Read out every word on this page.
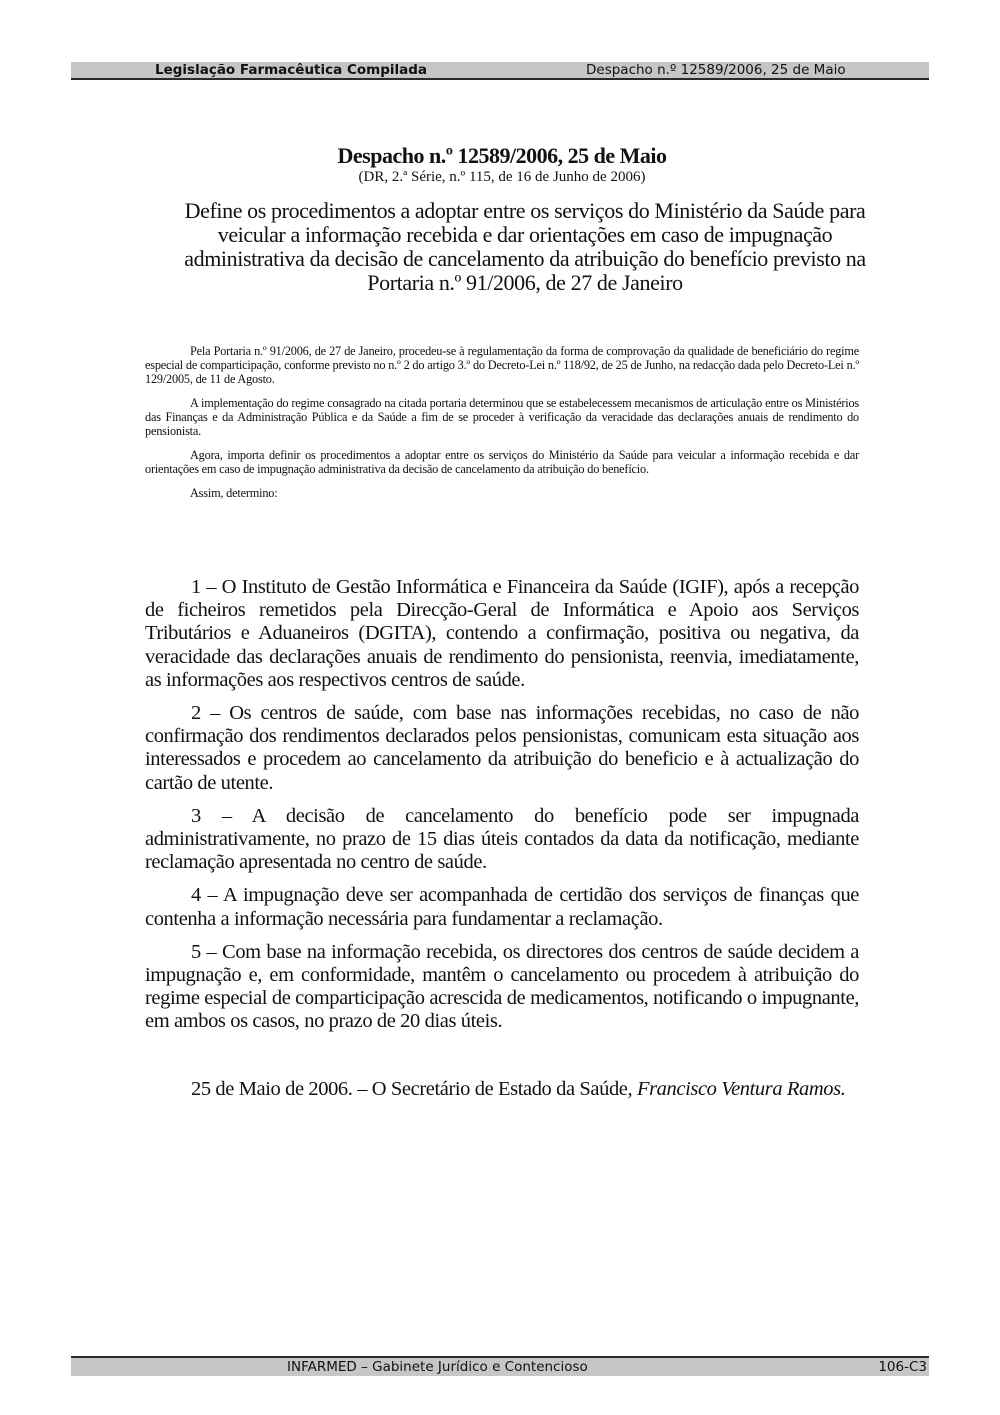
Legislação Farmacêutica Compilada	Despacho n.º 12589/2006, 25 de Maio
Despacho n.º 12589/2006, 25 de Maio

(DR, 2.ª Série, n.º 115, de 16 de Junho de 2006)

Define os procedimentos a adoptar entre os serviços do Ministério da Saúde para veicular a informação recebida e dar orientações em caso de impugnação administrativa da decisão de cancelamento da atribuição do benefício previsto na Portaria n.º 91/2006, de 27 de Janeiro

Pela Portaria n.º 91/2006, de 27 de Janeiro, procedeu-se à regulamentação da forma de comprovação da qualidade de beneficiário do regime especial de comparticipação, conforme previsto no n.º 2 do artigo 3.º do Decreto-Lei n.º 118/92, de 25 de Junho, na redacção dada pelo Decreto-Lei n.º 129/2005, de 11 de Agosto.

A implementação do regime consagrado na citada portaria determinou que se estabelecessem mecanismos de articulação entre os Ministérios das Finanças e da Administração Pública e da Saúde a fim de se proceder à verificação da veracidade das declarações anuais de rendimento do pensionista.

Agora, importa definir os procedimentos a adoptar entre os serviços do Ministério da Saúde para veicular a informação recebida e dar orientações em caso de impugnação administrativa da decisão de cancelamento da atribuição do benefício.

Assim, determino:

1 – O Instituto de Gestão Informática e Financeira da Saúde (IGIF), após a recepção de ficheiros remetidos pela Direcção-Geral de Informática e Apoio aos Serviços Tributários e Aduaneiros (DGITA), contendo a confirmação, positiva ou negativa, da veracidade das declarações anuais de rendimento do pensionista, reenvia, imediatamente, as informações aos respectivos centros de saúde.

2 – Os centros de saúde, com base nas informações recebidas, no caso de não confirmação dos rendimentos declarados pelos pensionistas, comunicam esta situação aos interessados e procedem ao cancelamento da atribuição do beneficio e à actualização do cartão de utente.

3 – A decisão de cancelamento do benefício pode ser impugnada administrativamente, no prazo de 15 dias úteis contados da data da notificação, mediante reclamação apresentada no centro de saúde.

4 – A impugnação deve ser acompanhada de certidão dos serviços de finanças que contenha a informação necessária para fundamentar a reclamação.

5 – Com base na informação recebida, os directores dos centros de saúde decidem a impugnação e, em conformidade, mantêm o cancelamento ou procedem à atribuição do regime especial de comparticipação acrescida de medicamentos, notificando o impugnante, em ambos os casos, no prazo de 20 dias úteis.

25 de Maio de 2006. – O Secretário de Estado da Saúde, Francisco Ventura Ramos.

INFARMED – Gabinete Jurídico e Contencioso	106-C3
